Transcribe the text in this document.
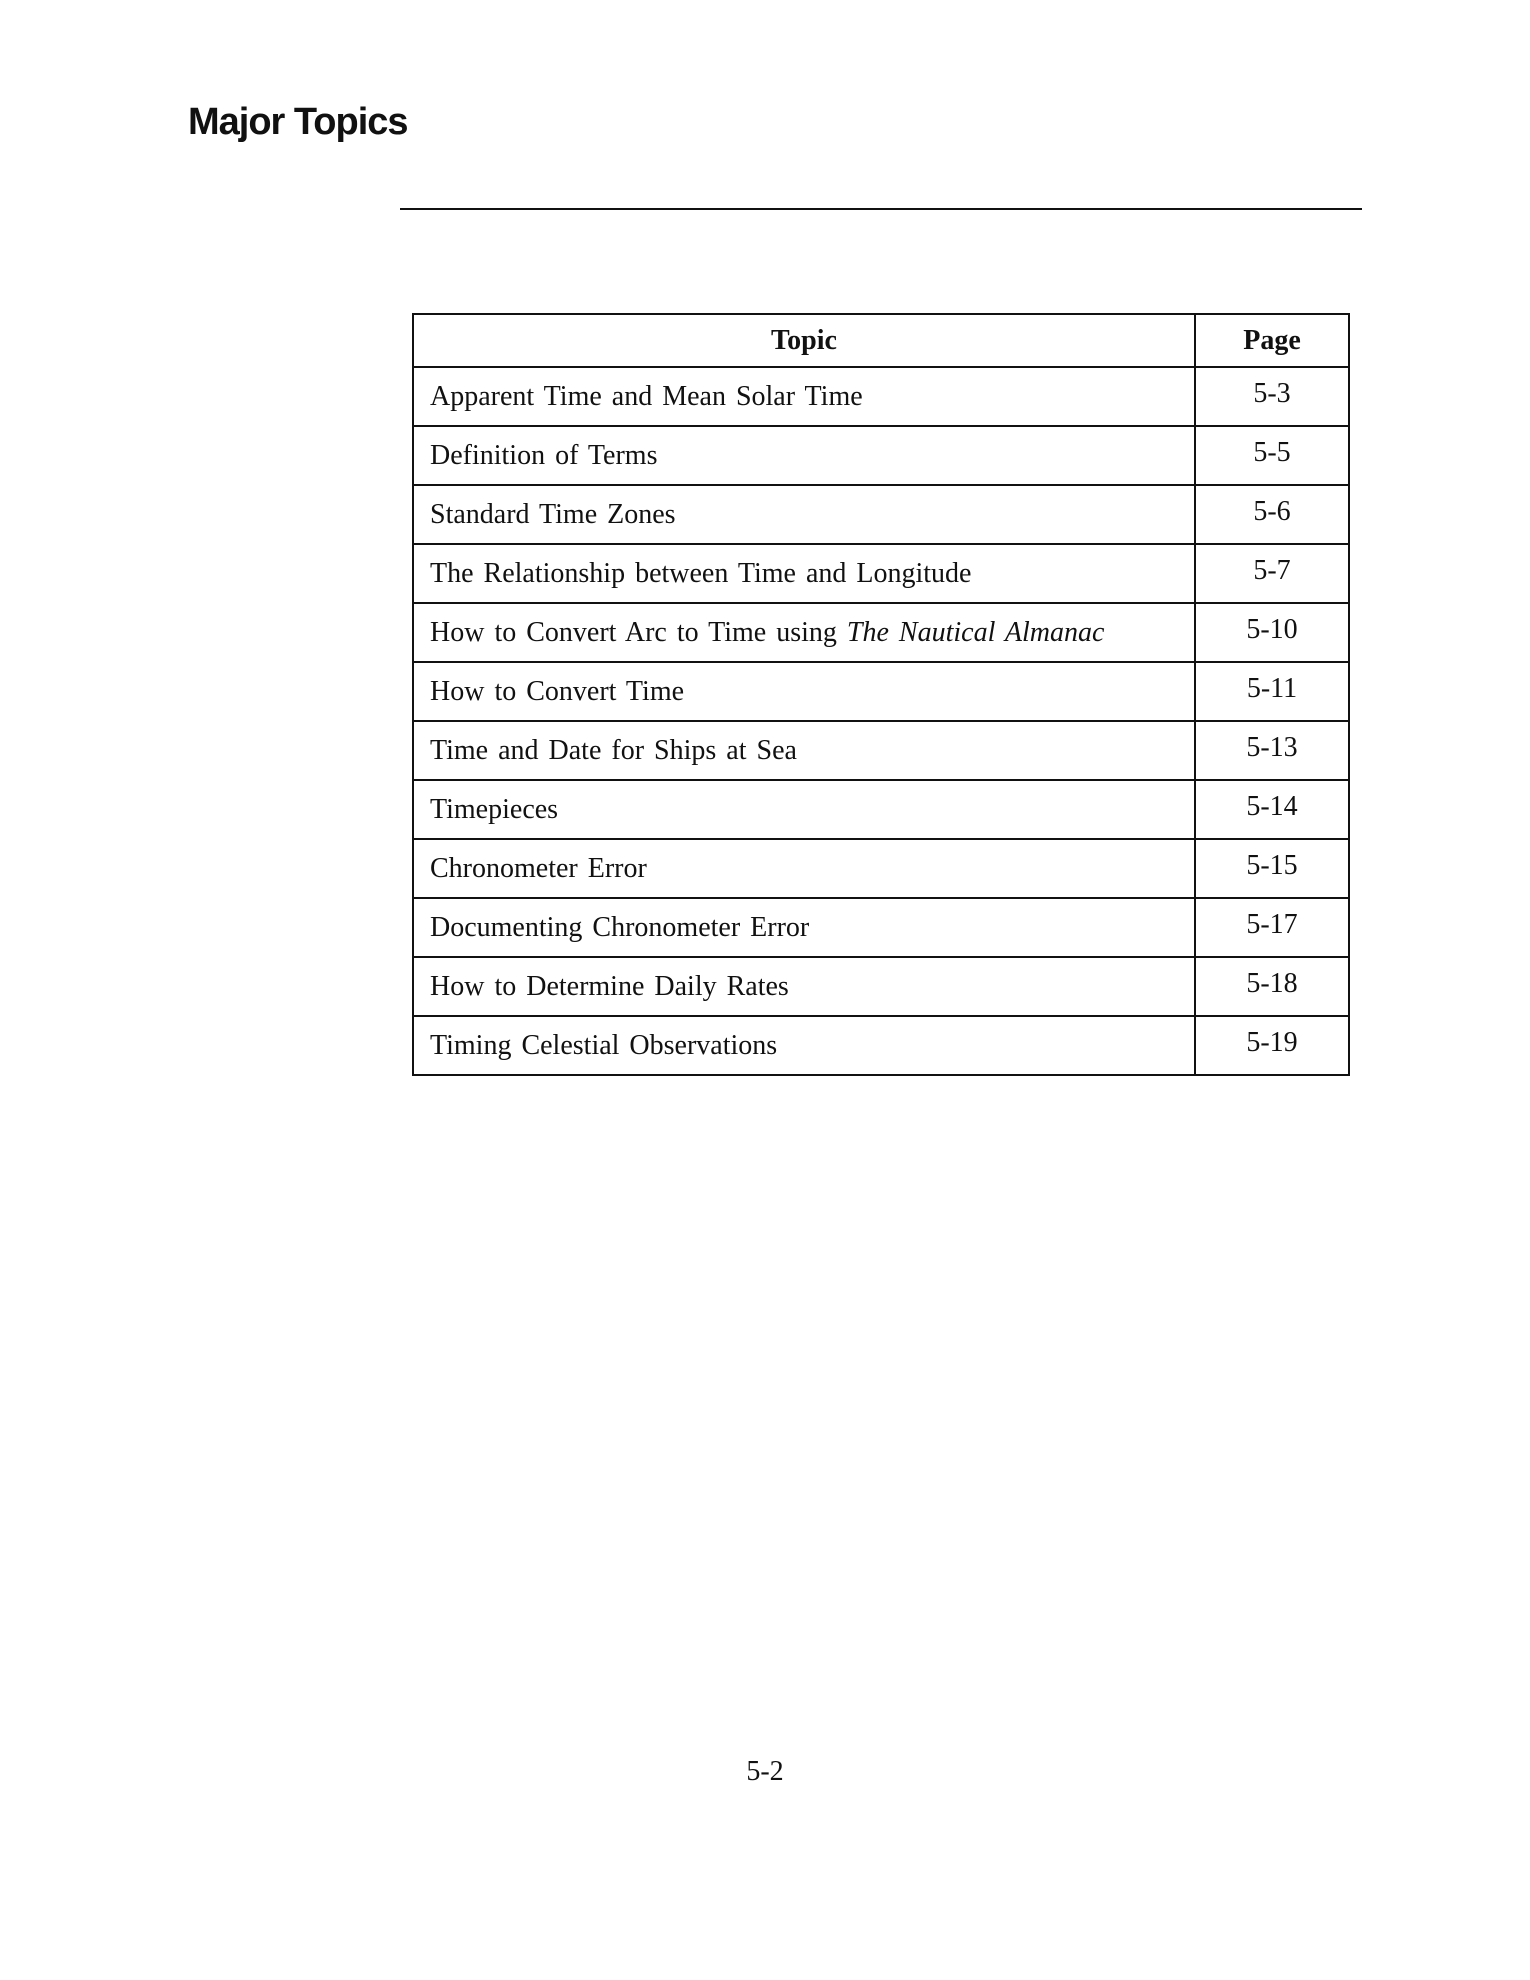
Major Topics
Topic	Page
Apparent Time and Mean Solar Time	5-3
Definition of Terms	5-5
Standard Time Zones	5-6
The Relationship between Time and Longitude	5-7
How to Convert Arc to Time using The Nautical Almanac	5-10
How to Convert Time	5-11
Time and Date for Ships at Sea	5-13
Timepieces	5-14
Chronometer Error	5-15
Documenting Chronometer Error	5-17
How to Determine Daily Rates	5-18
Timing Celestial Observations	5-19
5-2
